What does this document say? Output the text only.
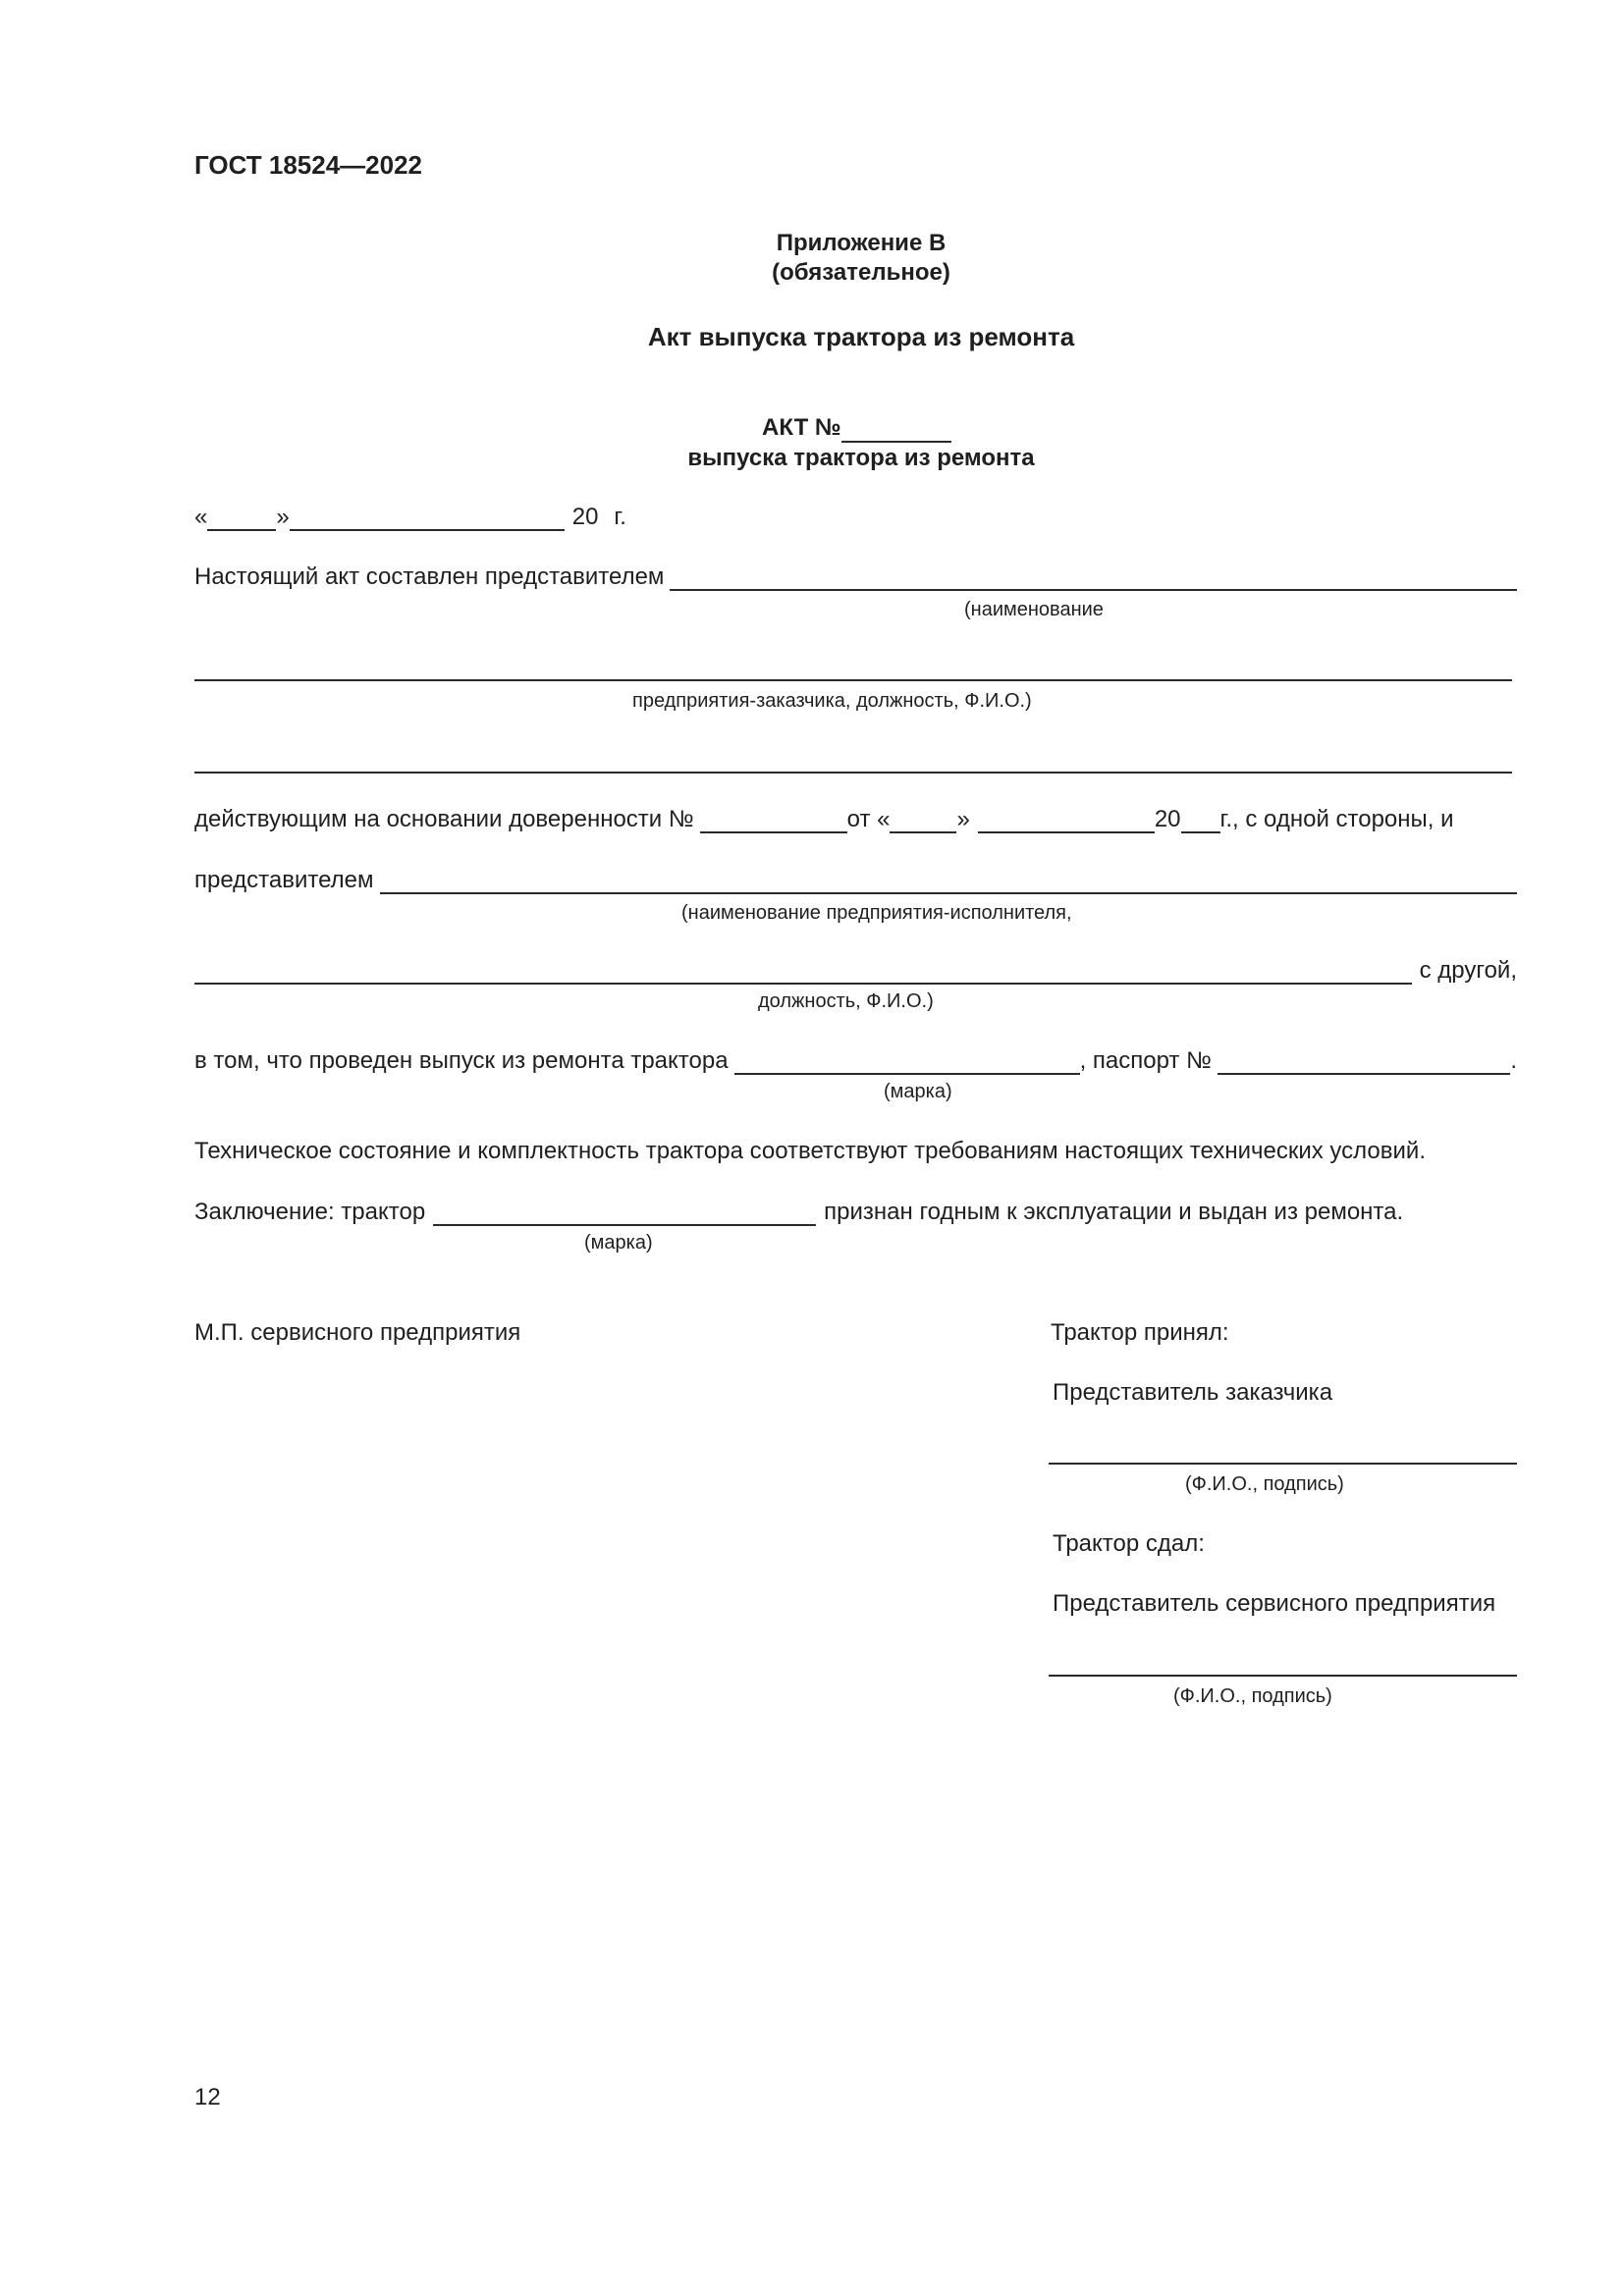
ГОСТ 18524—2022
Приложение В
(обязательное)
Акт выпуска трактора из ремонта
АКТ №
выпуска трактора из ремонта
«	»	20 г.
Настоящий акт составлен представителем
(наименование
предприятия-заказчика, должность, Ф.И.О.)
действующим на основании доверенности №	от «	»	20 г., с одной стороны, и
представителем
(наименование предприятия-исполнителя,
с другой,
должность, Ф.И.О.)
в том, что проведен выпуск из ремонта трактора	, паспорт №	.
(марка)
Техническое состояние и комплектность трактора соответствуют требованиям настоящих технических условий.
Заключение: трактор	признан годным к эксплуатации и выдан из ремонта.
(марка)
М.П. сервисного предприятия	Трактор принял:
Представитель заказчика
(Ф.И.О., подпись)
Трактор сдал:
Представитель сервисного предприятия
(Ф.И.О., подпись)
12
